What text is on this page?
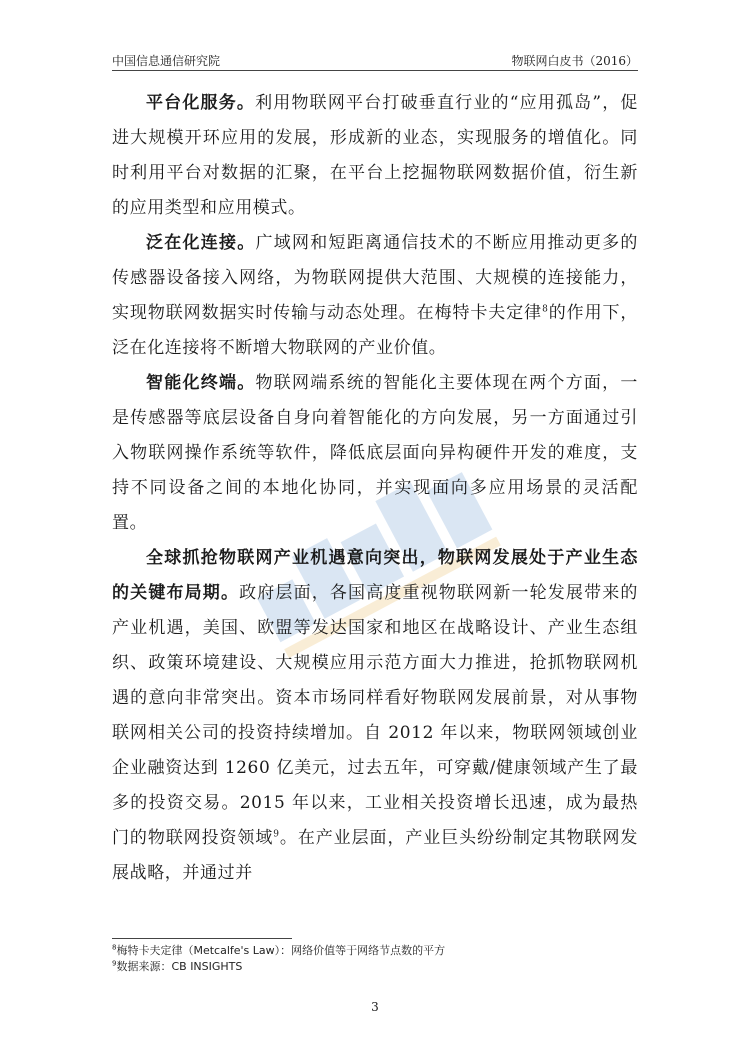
中国信息通信研究院	物联网白皮书（2016）

平台化服务。利用物联网平台打破垂直行业的“应用孤岛”，促进大规模开环应用的发展，形成新的业态，实现服务的增值化。同时利用平台对数据的汇聚，在平台上挖掘物联网数据价值，衍生新的应用类型和应用模式。

泛在化连接。广域网和短距离通信技术的不断应用推动更多的传感器设备接入网络，为物联网提供大范围、大规模的连接能力，实现物联网数据实时传输与动态处理。在梅特卡夫定律$^8$的作用下，泛在化连接将不断增大物联网的产业价值。

智能化终端。物联网端系统的智能化主要体现在两个方面，一是传感器等底层设备自身向着智能化的方向发展，另一方面通过引入物联网操作系统等软件，降低底层面向异构硬件开发的难度，支持不同设备之间的本地化协同，并实现面向多应用场景的灵活配置。

全球抓抢物联网产业机遇意向突出，物联网发展处于产业生态的关键布局期。政府层面，各国高度重视物联网新一轮发展带来的产业机遇，美国、欧盟等发达国家和地区在战略设计、产业生态组织、政策环境建设、大规模应用示范方面大力推进，抢抓物联网机遇的意向非常突出。资本市场同样看好物联网发展前景，对从事物联网相关公司的投资持续增加。自 2012 年以来，物联网领域创业企业融资达到 1260 亿美元，过去五年，可穿戴/健康领域产生了最多的投资交易。2015 年以来，工业相关投资增长迅速，成为最热门的物联网投资领域$^9$。在产业层面，产业巨头纷纷制定其物联网发展战略，并通过并

$^8$梅特卡夫定律（Metcalfe's Law）：网络价值等于网络节点数的平方
$^9$数据来源：CB INSIGHTS
3
